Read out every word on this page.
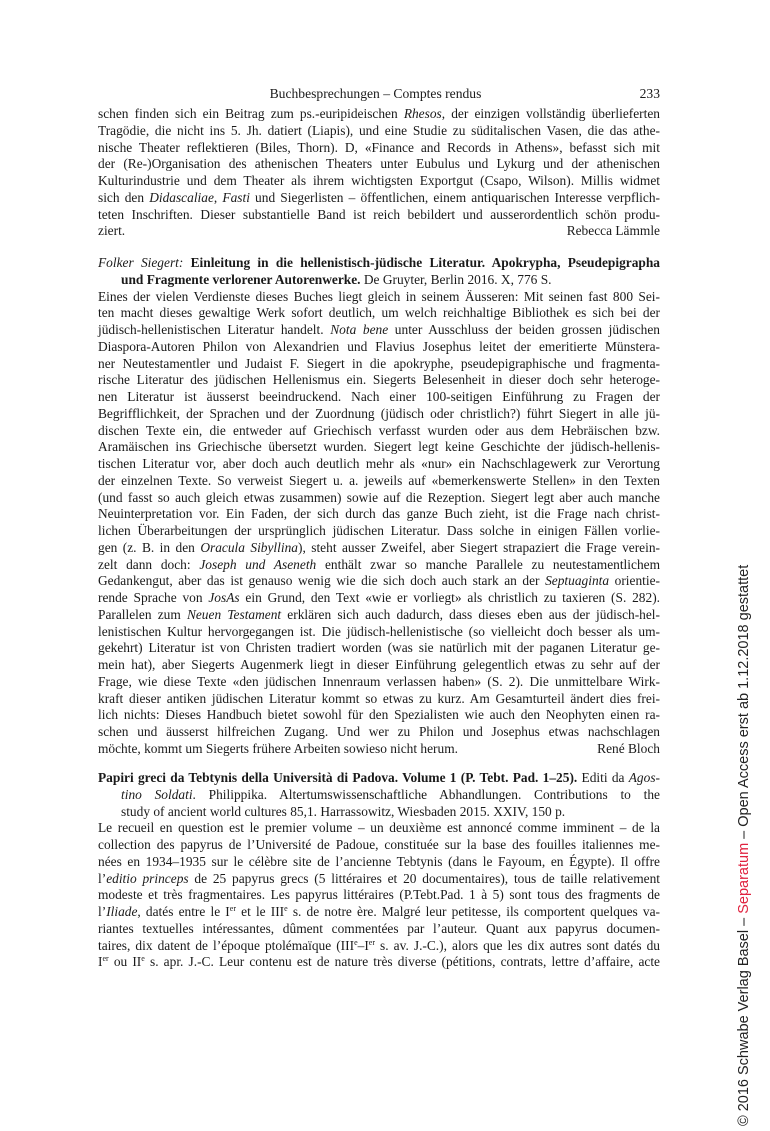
Buchbesprechungen – Comptes rendus	233
schen finden sich ein Beitrag zum ps.-euripideischen Rhesos, der einzigen vollständig überlieferten
Tragödie, die nicht ins 5. Jh. datiert (Liapis), und eine Studie zu süditalischen Vasen, die das athe-
nische Theater reflektieren (Biles, Thorn). D, «Finance and Records in Athens», befasst sich mit
der (Re-)Organisation des athenischen Theaters unter Eubulus und Lykurg und der athenischen
Kulturindustrie und dem Theater als ihrem wichtigsten Exportgut (Csapo, Wilson). Millis widmet
sich den Didascaliae, Fasti und Siegerlisten – öffentlichen, einem antiquarischen Interesse verpflich-
teten Inschriften. Dieser substantielle Band ist reich bebildert und ausserordentlich schön produ-
ziert.	Rebecca Lämmle
Folker Siegert: Einleitung in die hellenistisch-jüdische Literatur. Apokrypha, Pseudepigrapha
und Fragmente verlorener Autorenwerke. De Gruyter, Berlin 2016. X, 776 S.
Eines der vielen Verdienste dieses Buches liegt gleich in seinem Äusseren: Mit seinen fast 800 Sei-
ten macht dieses gewaltige Werk sofort deutlich, um welch reichhaltige Bibliothek es sich bei der
jüdisch-hellenistischen Literatur handelt. Nota bene unter Ausschluss der beiden grossen jüdischen
Diaspora-Autoren Philon von Alexandrien und Flavius Josephus leitet der emeritierte Münstera-
ner Neutestamentler und Judaist F. Siegert in die apokryphe, pseudepigraphische und fragmenta-
rische Literatur des jüdischen Hellenismus ein. Siegerts Belesenheit in dieser doch sehr heteroge-
nen Literatur ist äusserst beeindruckend. Nach einer 100-seitigen Einführung zu Fragen der
Begrifflichkeit, der Sprachen und der Zuordnung (jüdisch oder christlich?) führt Siegert in alle jü-
dischen Texte ein, die entweder auf Griechisch verfasst wurden oder aus dem Hebräischen bzw.
Aramäischen ins Griechische übersetzt wurden. Siegert legt keine Geschichte der jüdisch-hellenis-
tischen Literatur vor, aber doch auch deutlich mehr als «nur» ein Nachschlagewerk zur Verortung
der einzelnen Texte. So verweist Siegert u. a. jeweils auf «bemerkenswerte Stellen» in den Texten
(und fasst so auch gleich etwas zusammen) sowie auf die Rezeption. Siegert legt aber auch manche
Neuinterpretation vor. Ein Faden, der sich durch das ganze Buch zieht, ist die Frage nach christ-
lichen Überarbeitungen der ursprünglich jüdischen Literatur. Dass solche in einigen Fällen vorlie-
gen (z. B. in den Oracula Sibyllina), steht ausser Zweifel, aber Siegert strapaziert die Frage verein-
zelt dann doch: Joseph und Aseneth enthält zwar so manche Parallele zu neutestamentlichem
Gedankengut, aber das ist genauso wenig wie die sich doch auch stark an der Septuaginta orientie-
rende Sprache von JosAs ein Grund, den Text «wie er vorliegt» als christlich zu taxieren (S. 282).
Parallelen zum Neuen Testament erklären sich auch dadurch, dass dieses eben aus der jüdisch-hel-
lenistischen Kultur hervorgegangen ist. Die jüdisch-hellenistische (so vielleicht doch besser als um-
gekehrt) Literatur ist von Christen tradiert worden (was sie natürlich mit der paganen Literatur ge-
mein hat), aber Siegerts Augenmerk liegt in dieser Einführung gelegentlich etwas zu sehr auf der
Frage, wie diese Texte «den jüdischen Innenraum verlassen haben» (S. 2). Die unmittelbare Wirk-
kraft dieser antiken jüdischen Literatur kommt so etwas zu kurz. Am Gesamturteil ändert dies frei-
lich nichts: Dieses Handbuch bietet sowohl für den Spezialisten wie auch den Neophyten einen ra-
schen und äusserst hilfreichen Zugang. Und wer zu Philon und Josephus etwas nachschlagen
möchte, kommt um Siegerts frühere Arbeiten sowieso nicht herum.	René Bloch
Papiri greci da Tebtynis della Università di Padova. Volume 1 (P. Tebt. Pad. 1–25). Editi da Agos-
tino Soldati. Philippika. Altertumswissenschaftliche Abhandlungen. Contributions to the
study of ancient world cultures 85,1. Harrassowitz, Wiesbaden 2015. XXIV, 150 p.
Le recueil en question est le premier volume – un deuxième est annoncé comme imminent – de la
collection des papyrus de l’Université de Padoue, constituée sur la base des fouilles italiennes me-
nées en 1934–1935 sur le célèbre site de l’ancienne Tebtynis (dans le Fayoum, en Égypte). Il offre
l’editio princeps de 25 papyrus grecs (5 littéraires et 20 documentaires), tous de taille relativement
modeste et très fragmentaires. Les papyrus littéraires (P.Tebt.Pad. 1 à 5) sont tous des fragments de
l’Iliade, datés entre le Ier et le IIIe s. de notre ère. Malgré leur petitesse, ils comportent quelques va-
riantes textuelles intéressantes, dûment commentées par l’auteur. Quant aux papyrus documen-
taires, dix datent de l’époque ptolémaïque (IIIe–Ier s. av. J.-C.), alors que les dix autres sont datés du
Ier ou IIe s. apr. J.-C. Leur contenu est de nature très diverse (pétitions, contrats, lettre d’affaire, acte	© 2016 Schwabe Verlag Basel – Separatum – Open Access erst ab 1.12.2018 gestattet
